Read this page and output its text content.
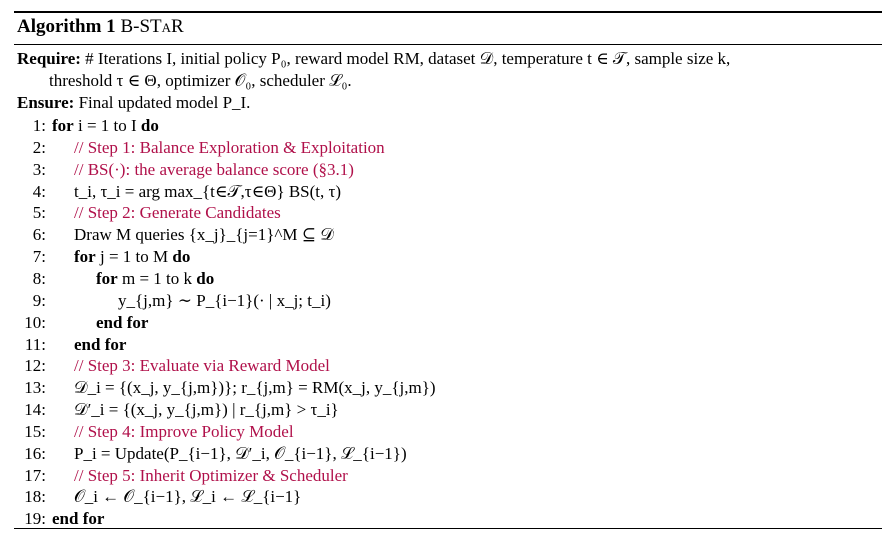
Algorithm 1 B-STaR
Require: # Iterations I, initial policy P₀, reward model RM, dataset 𝒟, temperature t ∈ 𝒯, sample size k,
threshold τ ∈ Θ, optimizer 𝒪₀, scheduler ℒ₀.
Ensure: Final updated model P_I.
1: for i = 1 to I do
2: // Step 1: Balance Exploration & Exploitation
3: // BS(·): the average balance score (§3.1)
4: t_i, τ_i = arg max_{t∈𝒯,τ∈Θ} BS(t, τ)
5: // Step 2: Generate Candidates
6: Draw M queries {x_j}_{j=1}^M ⊆ 𝒟
7: for j = 1 to M do
8:	for m = 1 to k do
9:	y_{j,m} ∼ P_{i−1}(· | x_j; t_i)
10:	end for
11: end for
12: // Step 3: Evaluate via Reward Model
13: 𝒟_i = {(x_j, y_{j,m})}; r_{j,m} = RM(x_j, y_{j,m})
14: 𝒟′_i = {(x_j, y_{j,m}) | r_{j,m} > τ_i}
15: // Step 4: Improve Policy Model
16: P_i = Update(P_{i−1}, 𝒟′_i, 𝒪_{i−1}, ℒ_{i−1})
17: // Step 5: Inherit Optimizer & Scheduler
18: 𝒪_i ← 𝒪_{i−1}, ℒ_i ← ℒ_{i−1}
19: end for
